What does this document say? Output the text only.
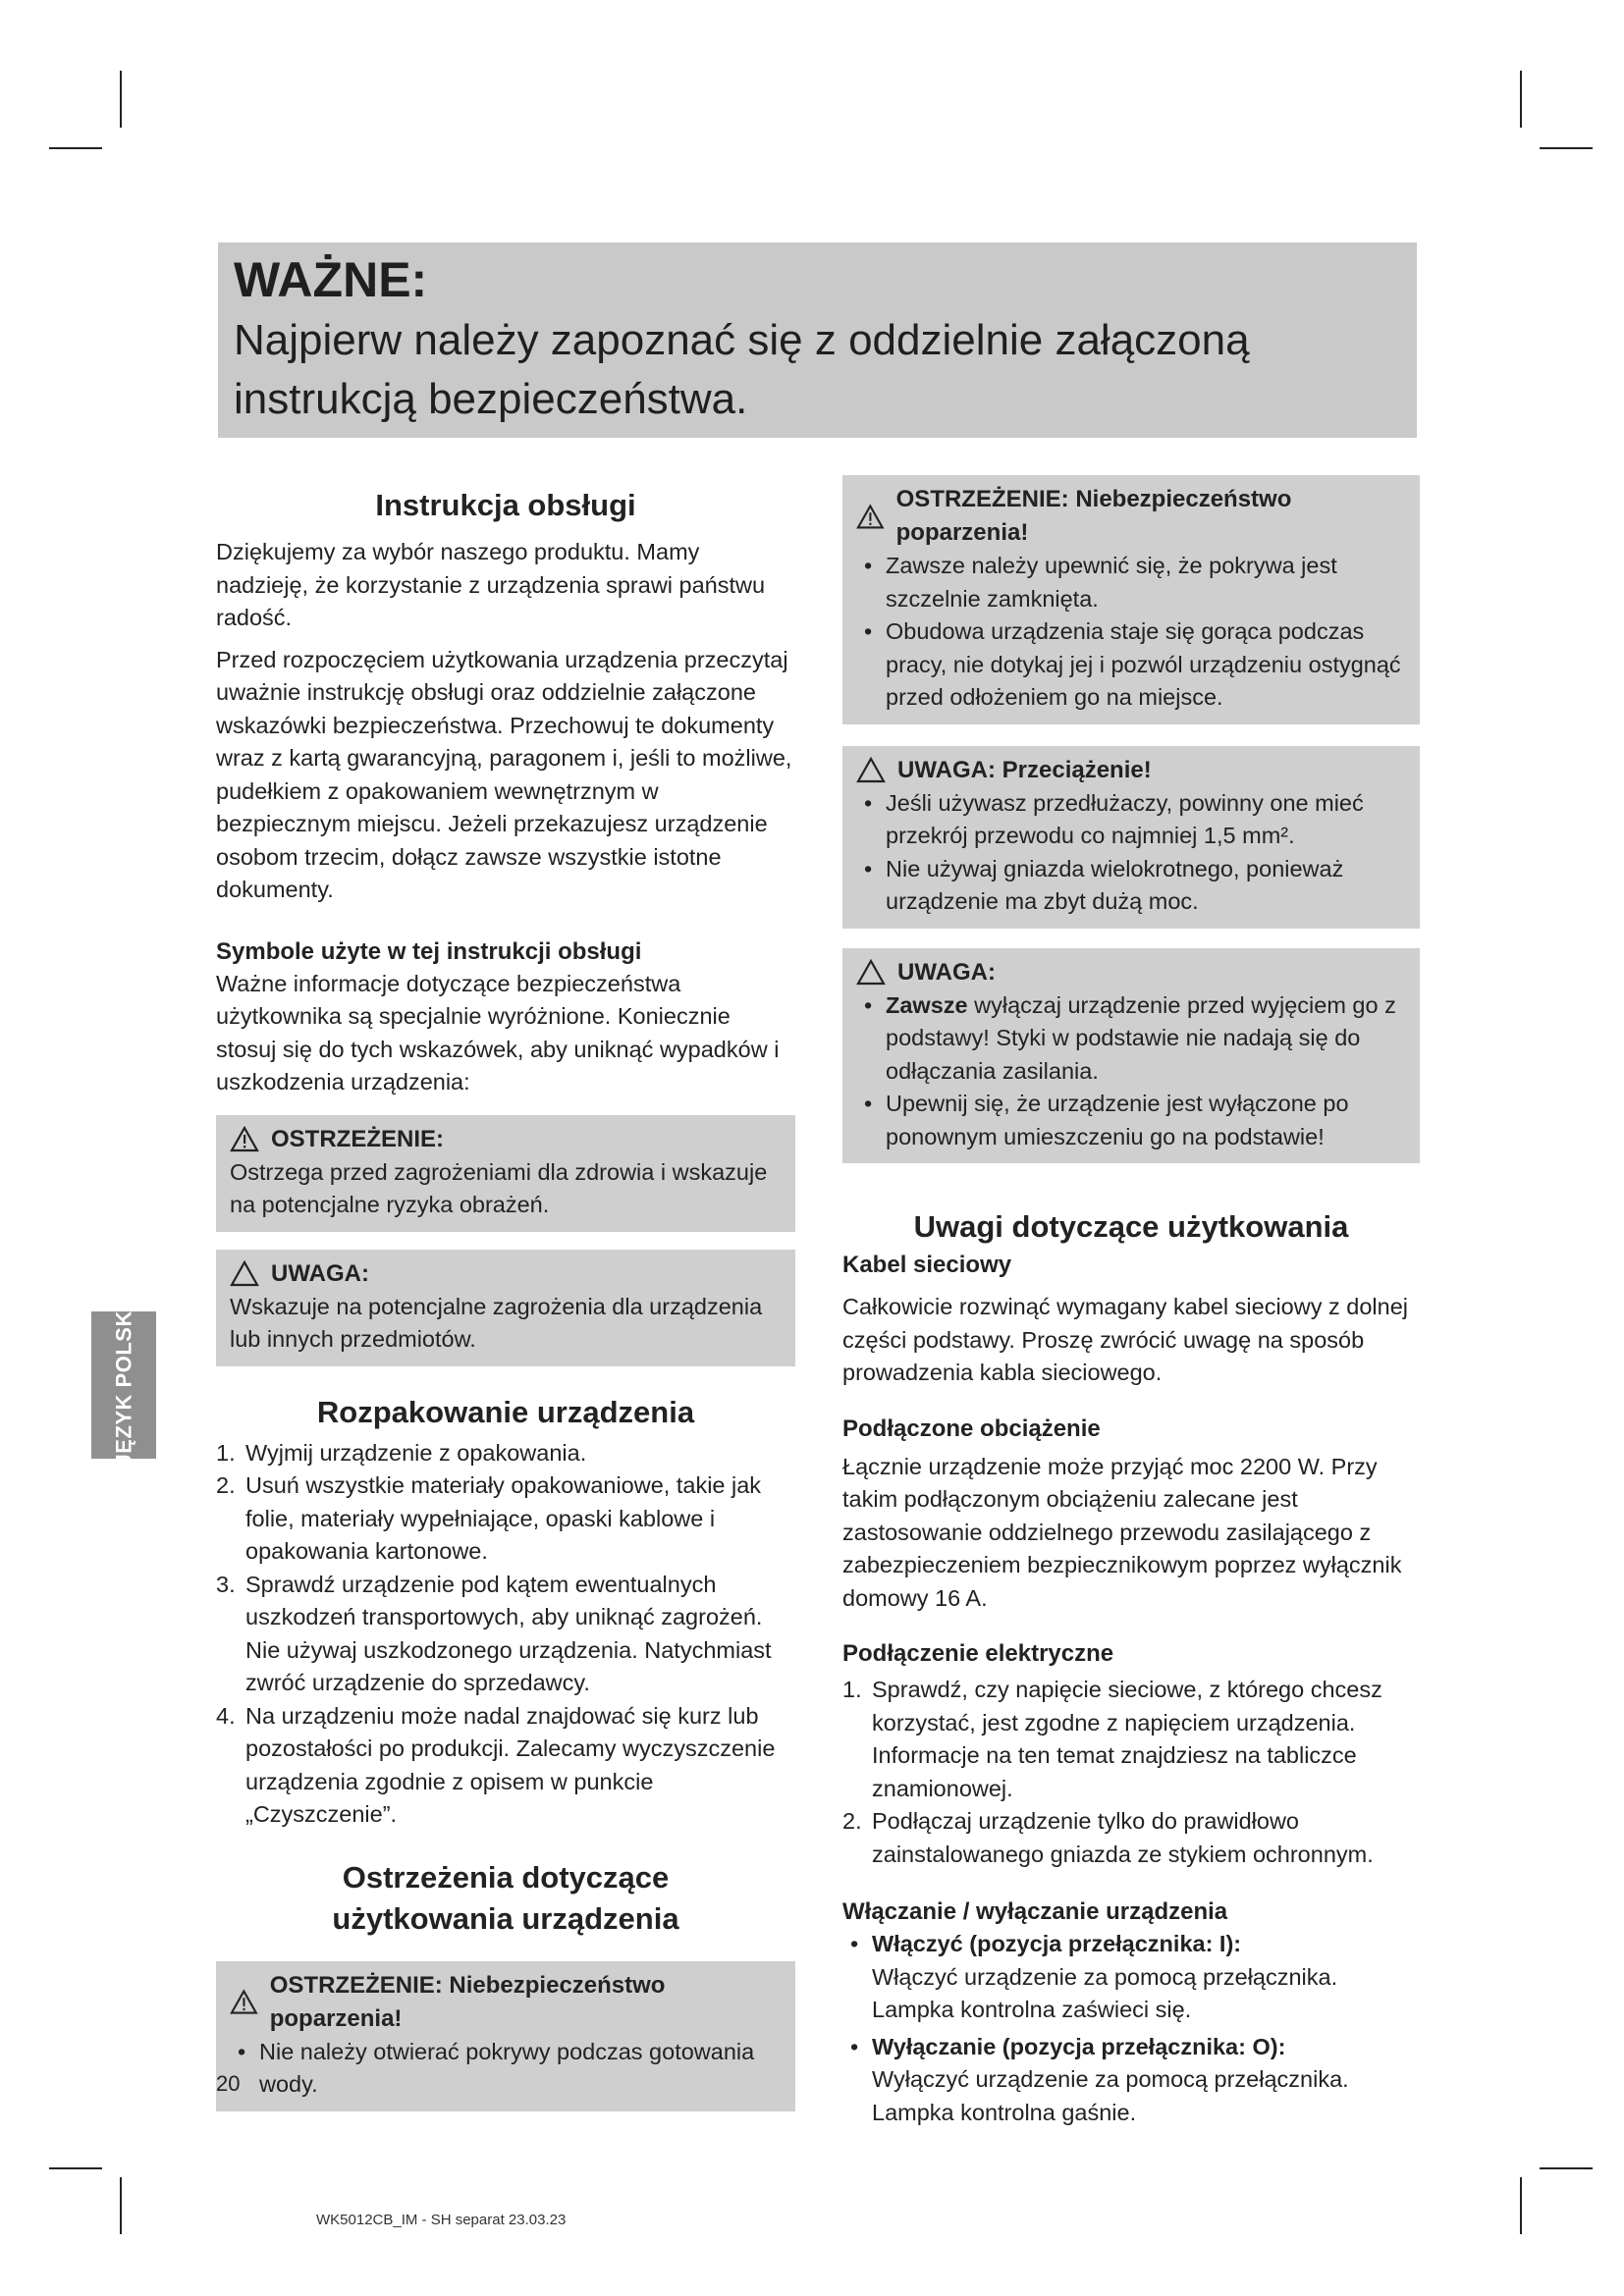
WAŻNE:
Najpierw należy zapoznać się z oddzielnie załączoną instrukcją bezpieczeństwa.
JĘZYK POLSKI
Instrukcja obsługi

Dziękujemy za wybór naszego produktu. Mamy nadzieję, że korzystanie z urządzenia sprawi państwu radość.

Przed rozpoczęciem użytkowania urządzenia przeczytaj uważnie instrukcję obsługi oraz oddzielnie załączone wskazówki bezpieczeństwa. Przechowuj te dokumenty wraz z kartą gwarancyjną, paragonem i, jeśli to możliwe, pudełkiem z opakowaniem wewnętrznym w bezpiecznym miejscu. Jeżeli przekazujesz urządzenie osobom trzecim, dołącz zawsze wszystkie istotne dokumenty.

Symbole użyte w tej instrukcji obsługi

Ważne informacje dotyczące bezpieczeństwa użytkownika są specjalnie wyróżnione. Koniecznie stosuj się do tych wskazówek, aby uniknąć wypadków i uszkodzenia urządzenia:

OSTRZEŻENIE:

Ostrzega przed zagrożeniami dla zdrowia i wskazuje na potencjalne ryzyka obrażeń.

UWAGA:

Wskazuje na potencjalne zagrożenia dla urządzenia lub innych przedmiotów.

Rozpakowanie urządzenia
1. Wyjmij urządzenie z opakowania.
2. Usuń wszystkie materiały opakowaniowe, takie jak folie, materiały wypełniające, opaski kablowe i opakowania kartonowe.
3. Sprawdź urządzenie pod kątem ewentualnych uszkodzeń transportowych, aby uniknąć zagrożeń. Nie używaj uszkodzonego urządzenia. Natychmiast zwróć urządzenie do sprzedawcy.
4. Na urządzeniu może nadal znajdować się kurz lub pozostałości po produkcji. Zalecamy wyczyszczenie urządzenia zgodnie z opisem w punkcie „Czyszczenie”.
Ostrzeżenia dotyczące
użytkowania urządzenia
OSTRZEŻENIE: Niebezpieczeństwo poparzenia!
• Nie należy otwierać pokrywy podczas gotowania wody.
OSTRZEŻENIE: Niebezpieczeństwo poparzenia!
• Zawsze należy upewnić się, że pokrywa jest szczelnie zamknięta.
• Obudowa urządzenia staje się gorąca podczas pracy, nie dotykaj jej i pozwól urządzeniu ostygnąć przed odłożeniem go na miejsce.
UWAGA: Przeciążenie!
• Jeśli używasz przedłużaczy, powinny one mieć przekrój przewodu co najmniej 1,5 mm².
• Nie używaj gniazda wielokrotnego, ponieważ urządzenie ma zbyt dużą moc.
UWAGA:
• Zawsze wyłączaj urządzenie przed wyjęciem go z podstawy! Styki w podstawie nie nadają się do odłączania zasilania.
• Upewnij się, że urządzenie jest wyłączone po ponownym umieszczeniu go na podstawie!
Uwagi dotyczące użytkowania
Kabel sieciowy

Całkowicie rozwinąć wymagany kabel sieciowy z dolnej części podstawy. Proszę zwrócić uwagę na sposób prowadzenia kabla sieciowego.

Podłączone obciążenie

Łącznie urządzenie może przyjąć moc 2200 W. Przy takim podłączonym obciążeniu zalecane jest zastosowanie oddzielnego przewodu zasilającego z zabezpieczeniem bezpiecznikowym poprzez wyłącznik domowy 16 A.

Podłączenie elektryczne
1. Sprawdź, czy napięcie sieciowe, z którego chcesz korzystać, jest zgodne z napięciem urządzenia. Informacje na ten temat znajdziesz na tabliczce znamionowej.
2. Podłączaj urządzenie tylko do prawidłowo zainstalowanego gniazda ze stykiem ochronnym.
Włączanie / wyłączanie urządzenia
• Włączyć (pozycja przełącznika: I):

Włączyć urządzenie za pomocą przełącznika. Lampka kontrolna zaświeci się.

• Wyłączanie (pozycja przełącznika: O):

Wyłączyć urządzenie za pomocą przełącznika. Lampka kontrolna gaśnie.

20
WK5012CB_IM - SH separat 23.03.23
